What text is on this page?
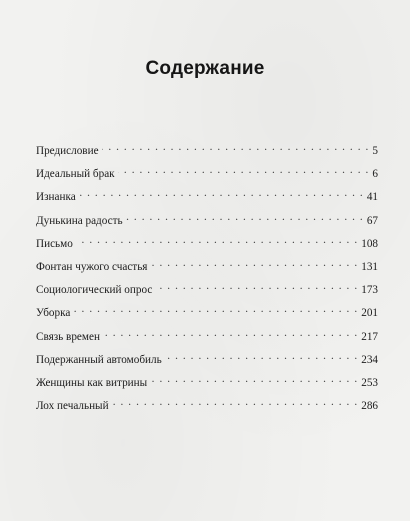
Содержание
Предисловие . . .	5
Идеальный брак . . .	6
Изнанка . . .	41
Дунькина радость . . .	67
Письмо . . .	108
Фонтан чужого счастья . . .	131
Социологический опрос . . .	173
Уборка . . .	201
Связь времен . . .	217
Подержанный автомобиль . . .	234
Женщины как витрины . . .	253
Лох печальный . . .	286
